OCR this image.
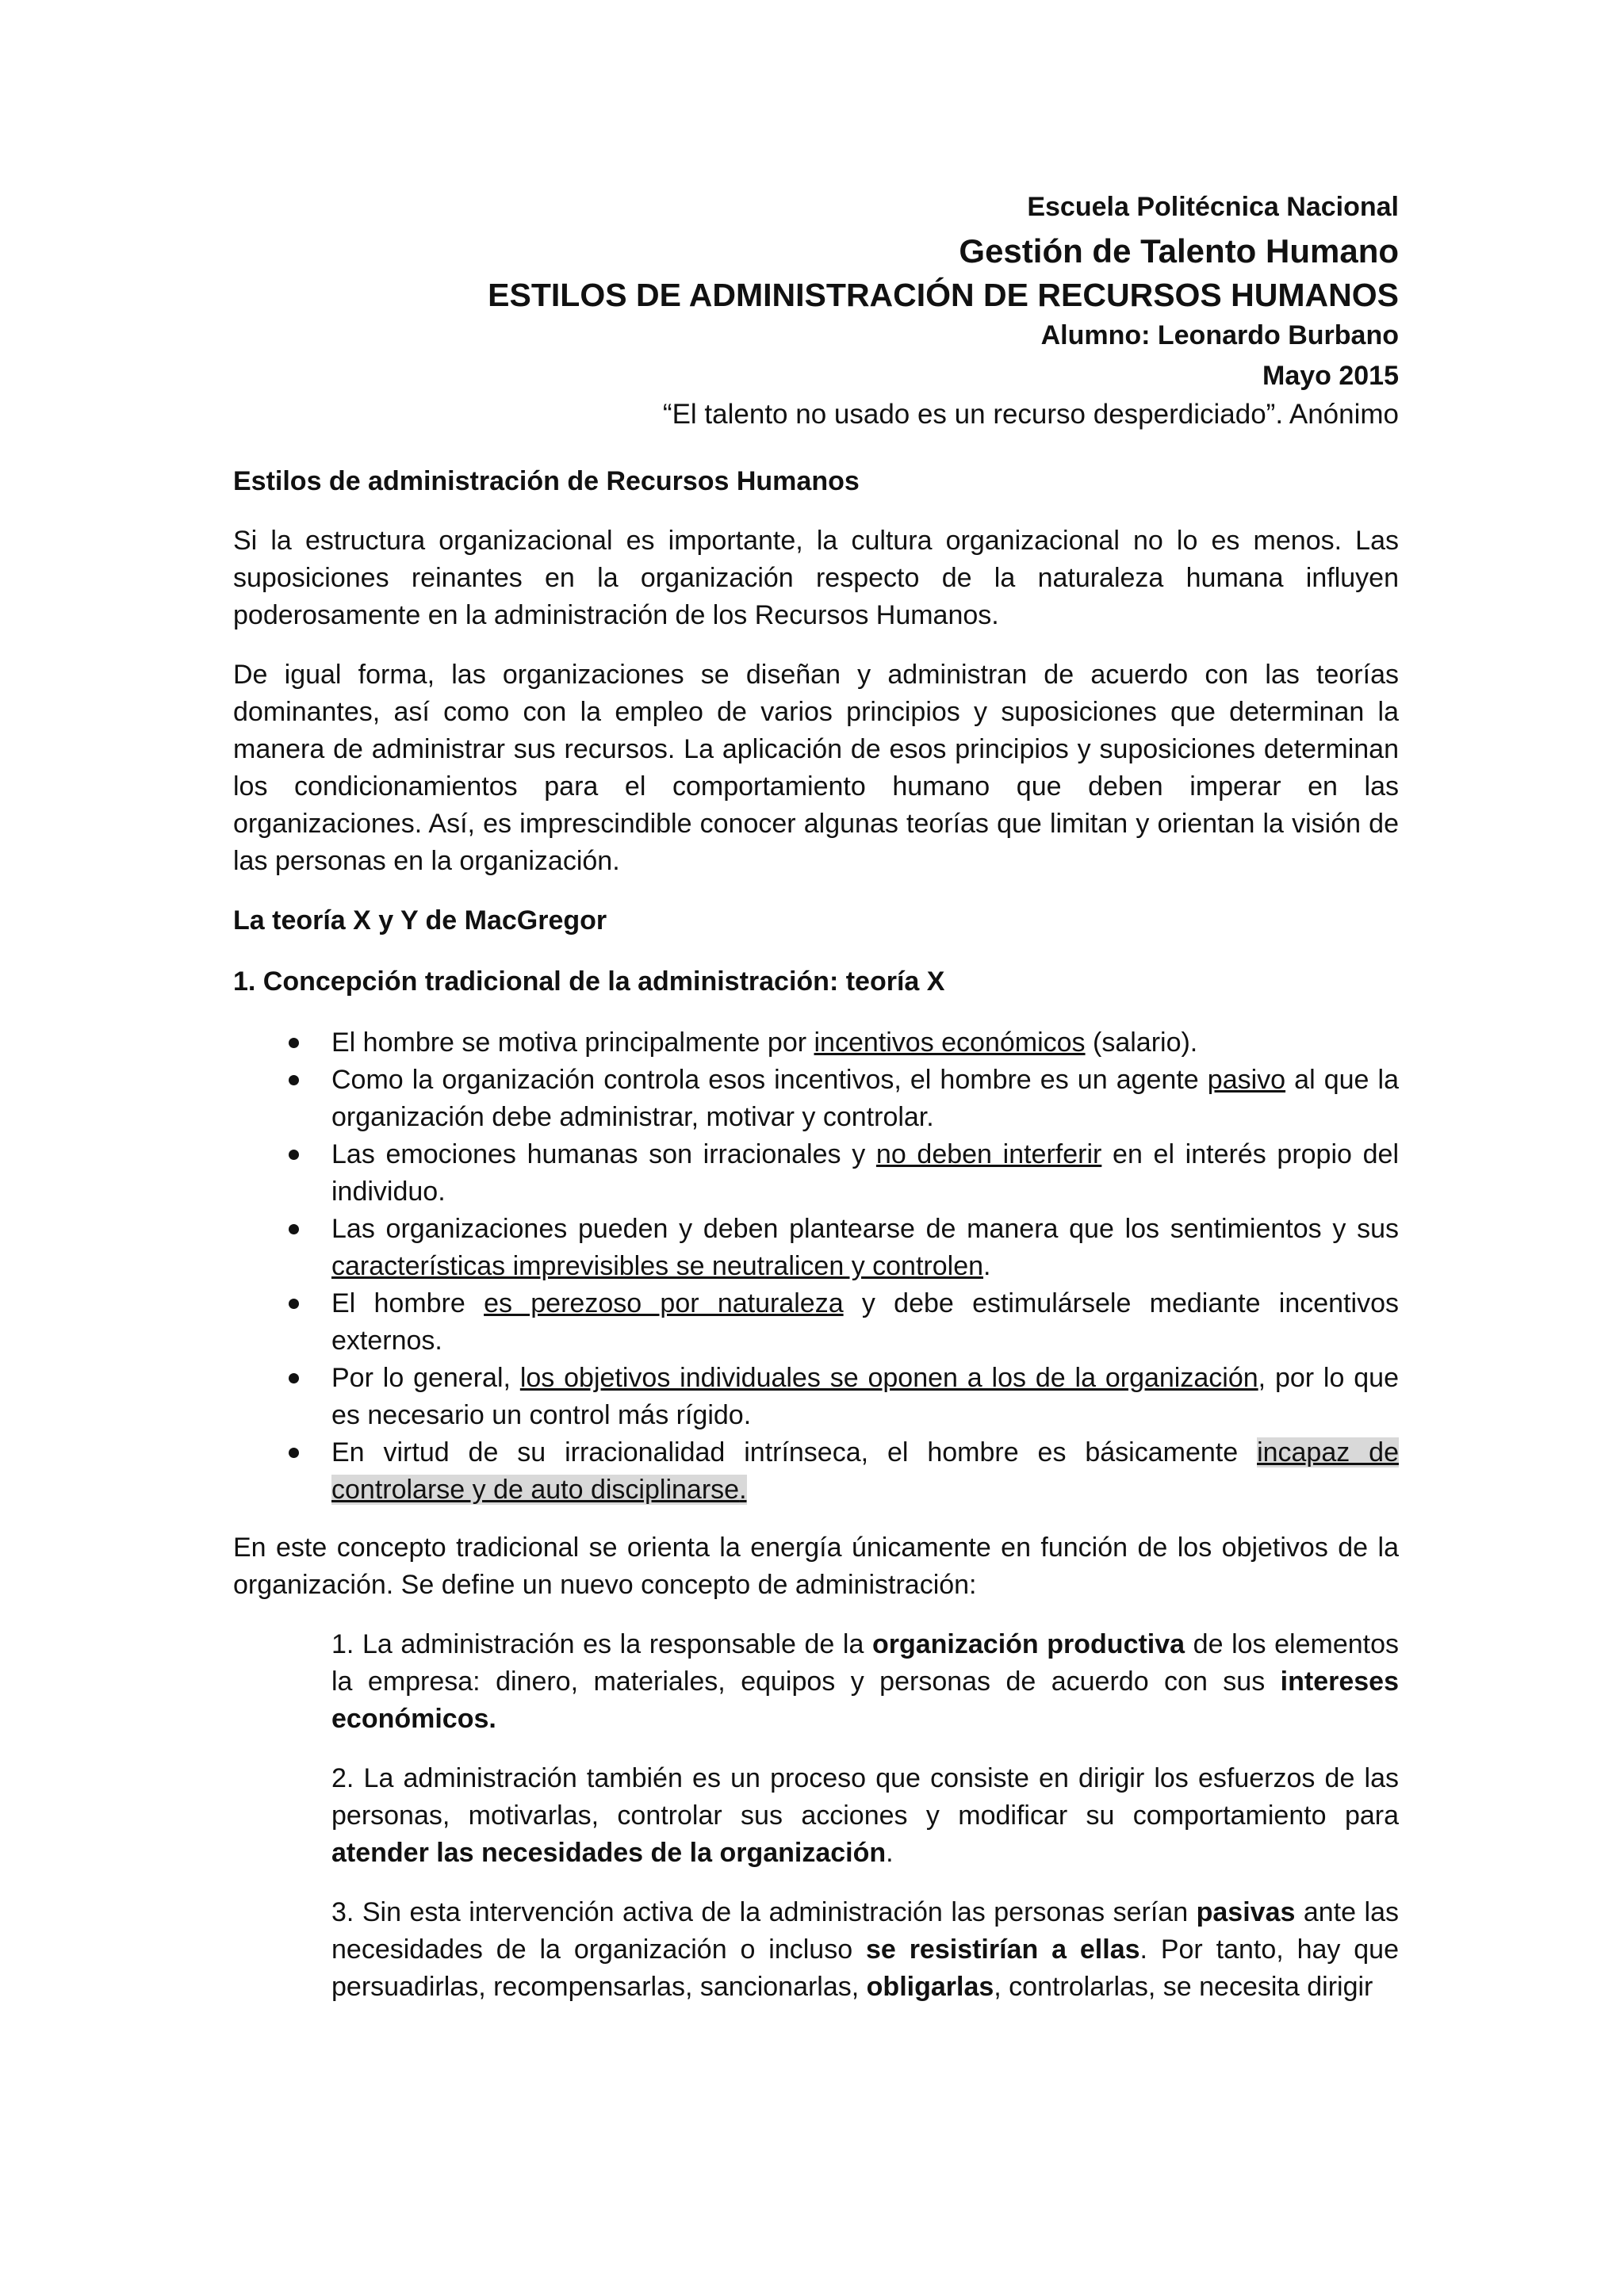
Escuela Politécnica Nacional
Gestión de Talento Humano
ESTILOS DE ADMINISTRACIÓN DE RECURSOS HUMANOS
Alumno: Leonardo Burbano
Mayo 2015
“El talento no usado es un recurso desperdiciado”. Anónimo
Estilos de administración de Recursos Humanos

Si la estructura organizacional es importante, la cultura organizacional no lo es menos. Las suposiciones reinantes en la organización respecto de la naturaleza humana influyen poderosamente en la administración de los Recursos Humanos.

De igual forma, las organizaciones se diseñan y administran de acuerdo con las teorías dominantes, así como con la empleo de varios principios y suposiciones que determinan la manera de administrar sus recursos. La aplicación de esos principios y suposiciones determinan los condicionamientos para el comportamiento humano que deben imperar en las organizaciones. Así, es imprescindible conocer algunas teorías que limitan y orientan la visión de las personas en la organización.

La teoría X y Y de MacGregor
1. Concepción tradicional de la administración: teoría X
El hombre se motiva principalmente por incentivos económicos (salario).
Como la organización controla esos incentivos, el hombre es un agente pasivo al que la organización debe administrar, motivar y controlar.
Las emociones humanas son irracionales y no deben interferir en el interés propio del individuo.
Las organizaciones pueden y deben plantearse de manera que los sentimientos y sus características imprevisibles se neutralicen y controlen.
El hombre es perezoso por naturaleza y debe estimulársele mediante incentivos externos.
Por lo general, los objetivos individuales se oponen a los de la organización, por lo que es necesario un control más rígido.
En virtud de su irracionalidad intrínseca, el hombre es básicamente incapaz de controlarse y de auto disciplinarse.

En este concepto tradicional se orienta la energía únicamente en función de los objetivos de la organización. Se define un nuevo concepto de administración:

1. La administración es la responsable de la organización productiva de los elementos la empresa: dinero, materiales, equipos y personas de acuerdo con sus intereses económicos.

2. La administración también es un proceso que consiste en dirigir los esfuerzos de las personas, motivarlas, controlar sus acciones y modificar su comportamiento para atender las necesidades de la organización.

3. Sin esta intervención activa de la administración las personas serían pasivas ante las necesidades de la organización o incluso se resistirían a ellas. Por tanto, hay que persuadirlas, recompensarlas, sancionarlas, obligarlas, controlarlas, se necesita dirigir
